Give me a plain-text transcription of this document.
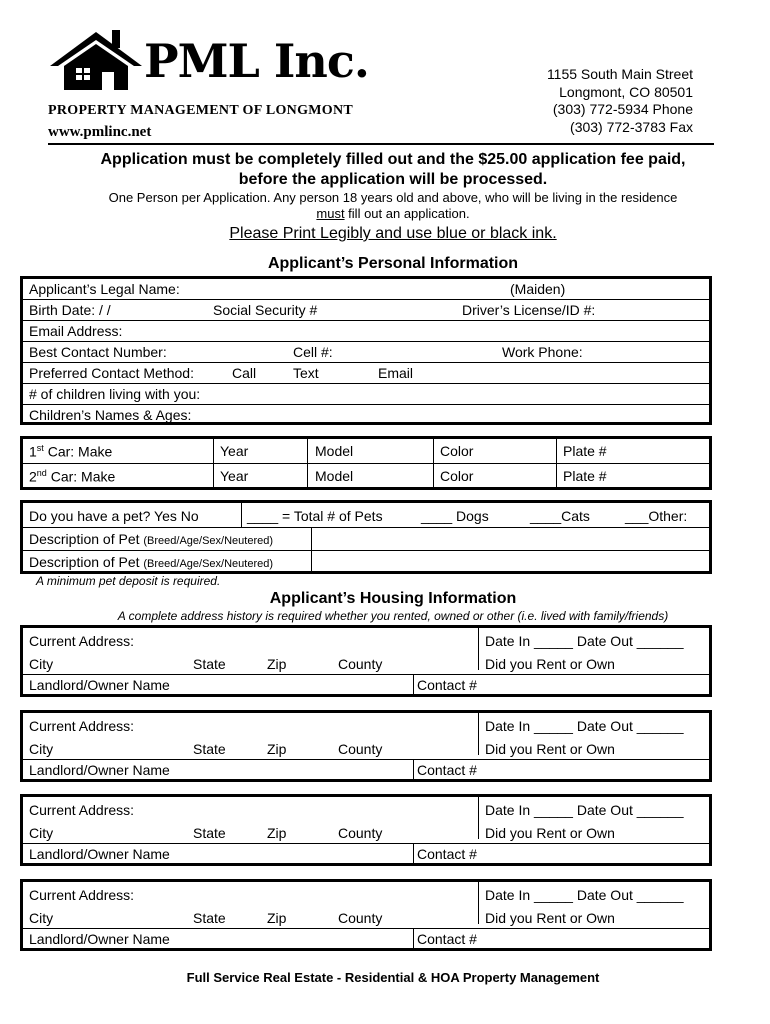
PML Inc.
PROPERTY MANAGEMENT OF LONGMONT
www.pmlinc.net
1155 South Main Street
Longmont, CO 80501
(303) 772-5934 Phone
(303) 772-3783 Fax
Application must be completely filled out and the $25.00 application fee paid,
before the application will be processed.
One Person per Application. Any person 18 years old and above, who will be living in the residence
must fill out an application.
Please Print Legibly and use blue or black ink.
Applicant’s Personal Information
Applicant’s Legal Name:	(Maiden)
Birth Date: / /	Social Security #	Driver’s License/ID #:
Email Address:
Best Contact Number:	Cell #:	Work Phone:
Preferred Contact Method:	Call	Text	Email
# of children living with you:
Children’s Names & Ages:
1st Car: Make	Year	Model	Color	Plate #
2nd Car: Make	Year	Model	Color	Plate #
Do you have a pet? Yes No	____ = Total # of Pets	____ Dogs	____Cats	___Other:
Description of Pet (Breed/Age/Sex/Neutered)
Description of Pet (Breed/Age/Sex/Neutered)
A minimum pet deposit is required.
Applicant’s Housing Information
A complete address history is required whether you rented, owned or other (i.e. lived with family/friends)
Current Address:	Date In _____ Date Out ______
City	State	Zip	County	Did you Rent or Own
Landlord/Owner Name	Contact #
Current Address:	Date In _____ Date Out ______
City	State	Zip	County	Did you Rent or Own
Landlord/Owner Name	Contact #
Current Address:	Date In _____ Date Out ______
City	State	Zip	County	Did you Rent or Own
Landlord/Owner Name	Contact #
Current Address:	Date In _____ Date Out ______
City	State	Zip	County	Did you Rent or Own
Landlord/Owner Name	Contact #
Full Service Real Estate - Residential & HOA Property Management
